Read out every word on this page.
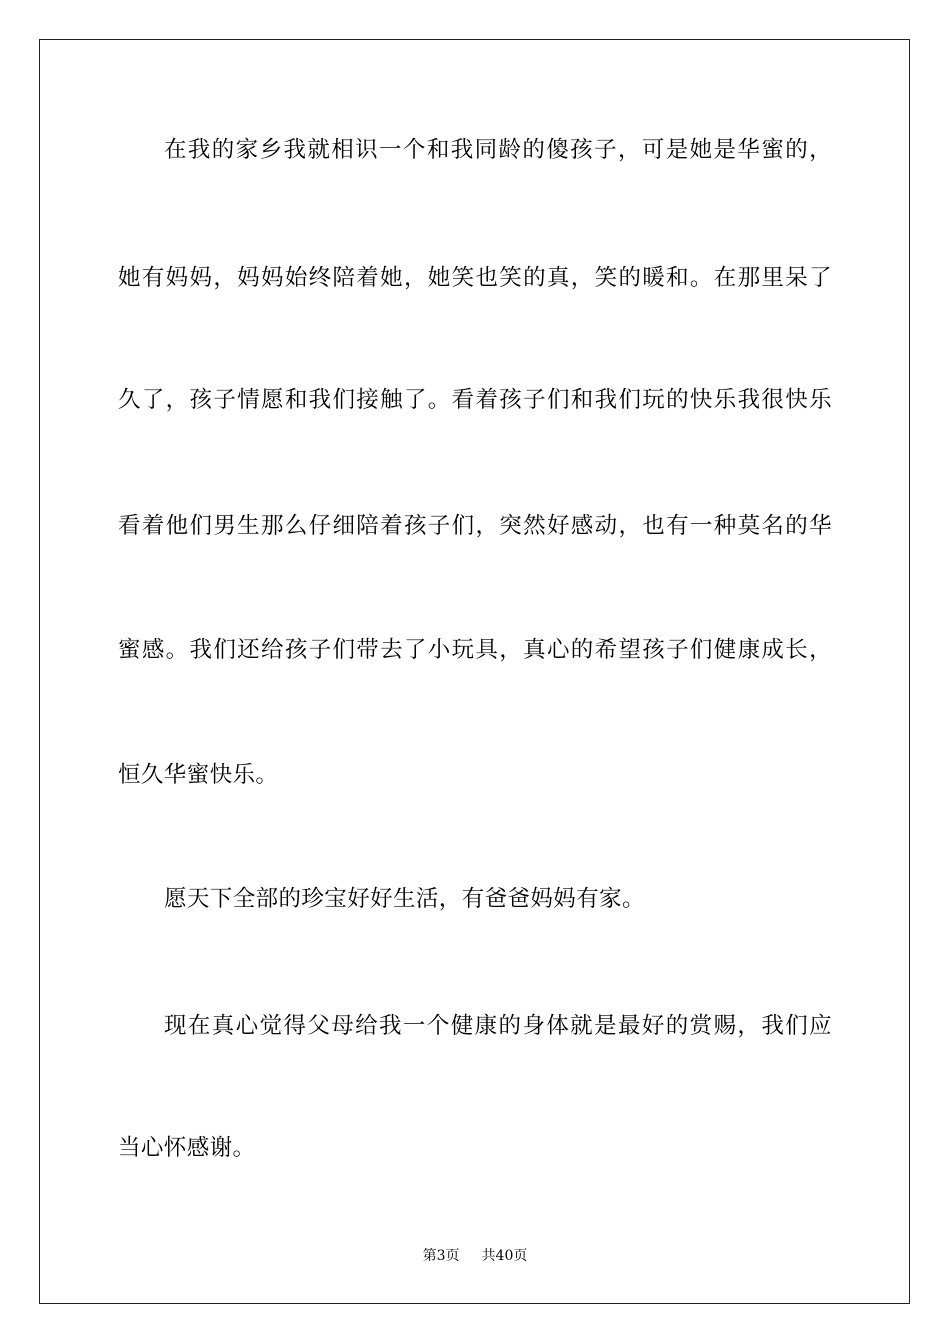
在我的家乡我就相识一个和我同龄的傻孩子，可是她是华蜜的，
她有妈妈，妈妈始终陪着她，她笑也笑的真，笑的暖和。在那里呆了
久了，孩子情愿和我们接触了。看着孩子们和我们玩的快乐我很快乐
看着他们男生那么仔细陪着孩子们，突然好感动，也有一种莫名的华
蜜感。我们还给孩子们带去了小玩具，真心的希望孩子们健康成长，
恒久华蜜快乐。
愿天下全部的珍宝好好生活，有爸爸妈妈有家。
现在真心觉得父母给我一个健康的身体就是最好的赏赐，我们应
当心怀感谢。
第3页 共40页
